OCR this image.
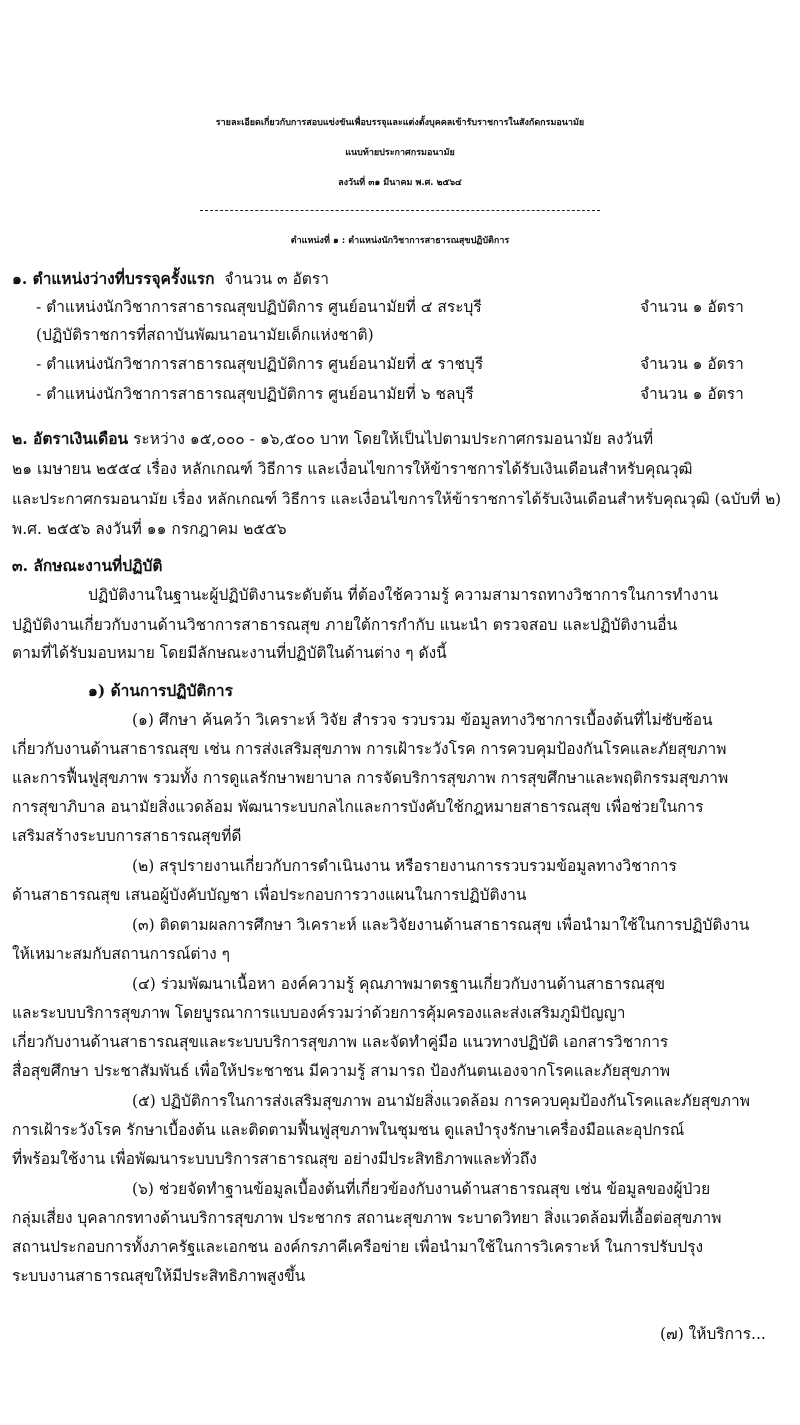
รายละเอียดเกี่ยวกับการสอบแข่งขันเพื่อบรรจุและแต่งตั้งบุคคลเข้ารับราชการในสังกัดกรมอนามัย
แนบท้ายประกาศกรมอนามัย
ลงวันที่ ๓๑ มีนาคม พ.ศ. ๒๕๖๔
ตำแหน่งที่ ๑ : ตำแหน่งนักวิชาการสาธารณสุขปฏิบัติการ
๑. ตำแหน่งว่างที่บรรจุครั้งแรก จำนวน ๓ อัตรา
- ตำแหน่งนักวิชาการสาธารณสุขปฏิบัติการ ศูนย์อนามัยที่ ๔ สระบุรี	จำนวน ๑ อัตรา
(ปฏิบัติราชการที่สถาบันพัฒนาอนามัยเด็กแห่งชาติ)
- ตำแหน่งนักวิชาการสาธารณสุขปฏิบัติการ ศูนย์อนามัยที่ ๕ ราชบุรี	จำนวน ๑ อัตรา
- ตำแหน่งนักวิชาการสาธารณสุขปฏิบัติการ ศูนย์อนามัยที่ ๖ ชลบุรี	จำนวน ๑ อัตรา
๒. อัตราเงินเดือน ระหว่าง ๑๕,๐๐๐ - ๑๖,๕๐๐ บาท โดยให้เป็นไปตามประกาศกรมอนามัย ลงวันที่
๒๑ เมษายน ๒๕๕๔ เรื่อง หลักเกณฑ์ วิธีการ และเงื่อนไขการให้ข้าราชการได้รับเงินเดือนสำหรับคุณวุฒิ
และประกาศกรมอนามัย เรื่อง หลักเกณฑ์ วิธีการ และเงื่อนไขการให้ข้าราชการได้รับเงินเดือนสำหรับคุณวุฒิ (ฉบับที่ ๒)
พ.ศ. ๒๕๕๖ ลงวันที่ ๑๑ กรกฎาคม ๒๕๕๖
๓. ลักษณะงานที่ปฏิบัติ
ปฏิบัติงานในฐานะผู้ปฏิบัติงานระดับต้น ที่ต้องใช้ความรู้ ความสามารถทางวิชาการในการทำงาน
ปฏิบัติงานเกี่ยวกับงานด้านวิชาการสาธารณสุข ภายใต้การกำกับ แนะนำ ตรวจสอบ และปฏิบัติงานอื่น
ตามที่ได้รับมอบหมาย โดยมีลักษณะงานที่ปฏิบัติในด้านต่าง ๆ ดังนี้
๑) ด้านการปฏิบัติการ
(๑) ศึกษา ค้นคว้า วิเคราะห์ วิจัย สำรวจ รวบรวม ข้อมูลทางวิชาการเบื้องต้นที่ไม่ซับซ้อน
เกี่ยวกับงานด้านสาธารณสุข เช่น การส่งเสริมสุขภาพ การเฝ้าระวังโรค การควบคุมป้องกันโรคและภัยสุขภาพ
และการฟื้นฟูสุขภาพ รวมทั้ง การดูแลรักษาพยาบาล การจัดบริการสุขภาพ การสุขศึกษาและพฤติกรรมสุขภาพ
การสุขาภิบาล อนามัยสิ่งแวดล้อม พัฒนาระบบกลไกและการบังคับใช้กฎหมายสาธารณสุข เพื่อช่วยในการ
เสริมสร้างระบบการสาธารณสุขที่ดี
(๒) สรุปรายงานเกี่ยวกับการดำเนินงาน หรือรายงานการรวบรวมข้อมูลทางวิชาการ
ด้านสาธารณสุข เสนอผู้บังคับบัญชา เพื่อประกอบการวางแผนในการปฏิบัติงาน
(๓) ติดตามผลการศึกษา วิเคราะห์ และวิจัยงานด้านสาธารณสุข เพื่อนำมาใช้ในการปฏิบัติงาน
ให้เหมาะสมกับสถานการณ์ต่าง ๆ
(๔) ร่วมพัฒนาเนื้อหา องค์ความรู้ คุณภาพมาตรฐานเกี่ยวกับงานด้านสาธารณสุข
และระบบบริการสุขภาพ โดยบูรณาการแบบองค์รวมว่าด้วยการคุ้มครองและส่งเสริมภูมิปัญญา
เกี่ยวกับงานด้านสาธารณสุขและระบบบริการสุขภาพ และจัดทำคู่มือ แนวทางปฏิบัติ เอกสารวิชาการ
สื่อสุขศึกษา ประชาสัมพันธ์ เพื่อให้ประชาชน มีความรู้ สามารถ ป้องกันตนเองจากโรคและภัยสุขภาพ
(๕) ปฏิบัติการในการส่งเสริมสุขภาพ อนามัยสิ่งแวดล้อม การควบคุมป้องกันโรคและภัยสุขภาพ
การเฝ้าระวังโรค รักษาเบื้องต้น และติดตามฟื้นฟูสุขภาพในชุมชน ดูแลบำรุงรักษาเครื่องมือและอุปกรณ์
ที่พร้อมใช้งาน เพื่อพัฒนาระบบบริการสาธารณสุข อย่างมีประสิทธิภาพและทั่วถึง
(๖) ช่วยจัดทำฐานข้อมูลเบื้องต้นที่เกี่ยวข้องกับงานด้านสาธารณสุข เช่น ข้อมูลของผู้ป่วย
กลุ่มเสี่ยง บุคลากรทางด้านบริการสุขภาพ ประชากร สถานะสุขภาพ ระบาดวิทยา สิ่งแวดล้อมที่เอื้อต่อสุขภาพ
สถานประกอบการทั้งภาครัฐและเอกชน องค์กรภาคีเครือข่าย เพื่อนำมาใช้ในการวิเคราะห์ ในการปรับปรุง
ระบบงานสาธารณสุขให้มีประสิทธิภาพสูงขึ้น
(๗) ให้บริการ...
